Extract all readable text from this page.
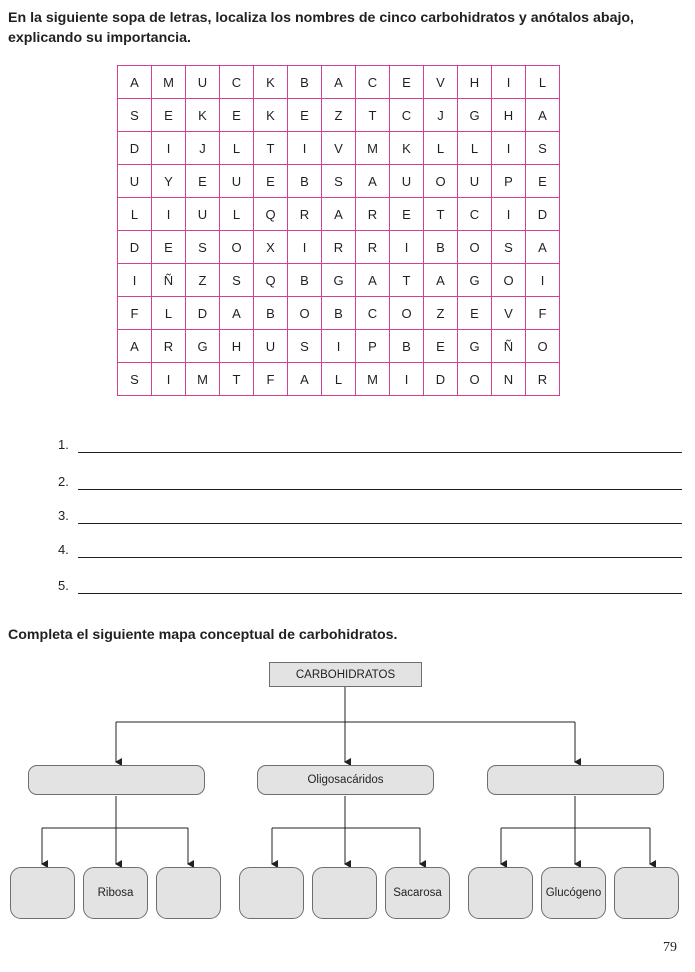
En la siguiente sopa de letras, localiza los nombres de cinco carbohidratos y anótalos abajo, explicando su importancia.

A	M	U	C	K	B	A	C	E	V	H	I	L
S	E	K	E	K	E	Z	T	C	J	G	H	A
D	I	J	L	T	I	V	M	K	L	L	I	S
U	Y	E	U	E	B	S	A	U	O	U	P	E
L	I	U	L	Q	R	A	R	E	T	C	I	D
D	E	S	O	X	I	R	R	I	B	O	S	A
I	Ñ	Z	S	Q	B	G	A	T	A	G	O	I
F	L	D	A	B	O	B	C	O	Z	E	V	F
A	R	G	H	U	S	I	P	B	E	G	Ñ	O
S	I	M	T	F	A	L	M	I	D	O	N	R
1.
2.
3.
4.
5.

Completa el siguiente mapa conceptual de carbohidratos.

CARBOHIDRATOS
Oligosacáridos
Ribosa	Sacarosa	Glucógeno
79
